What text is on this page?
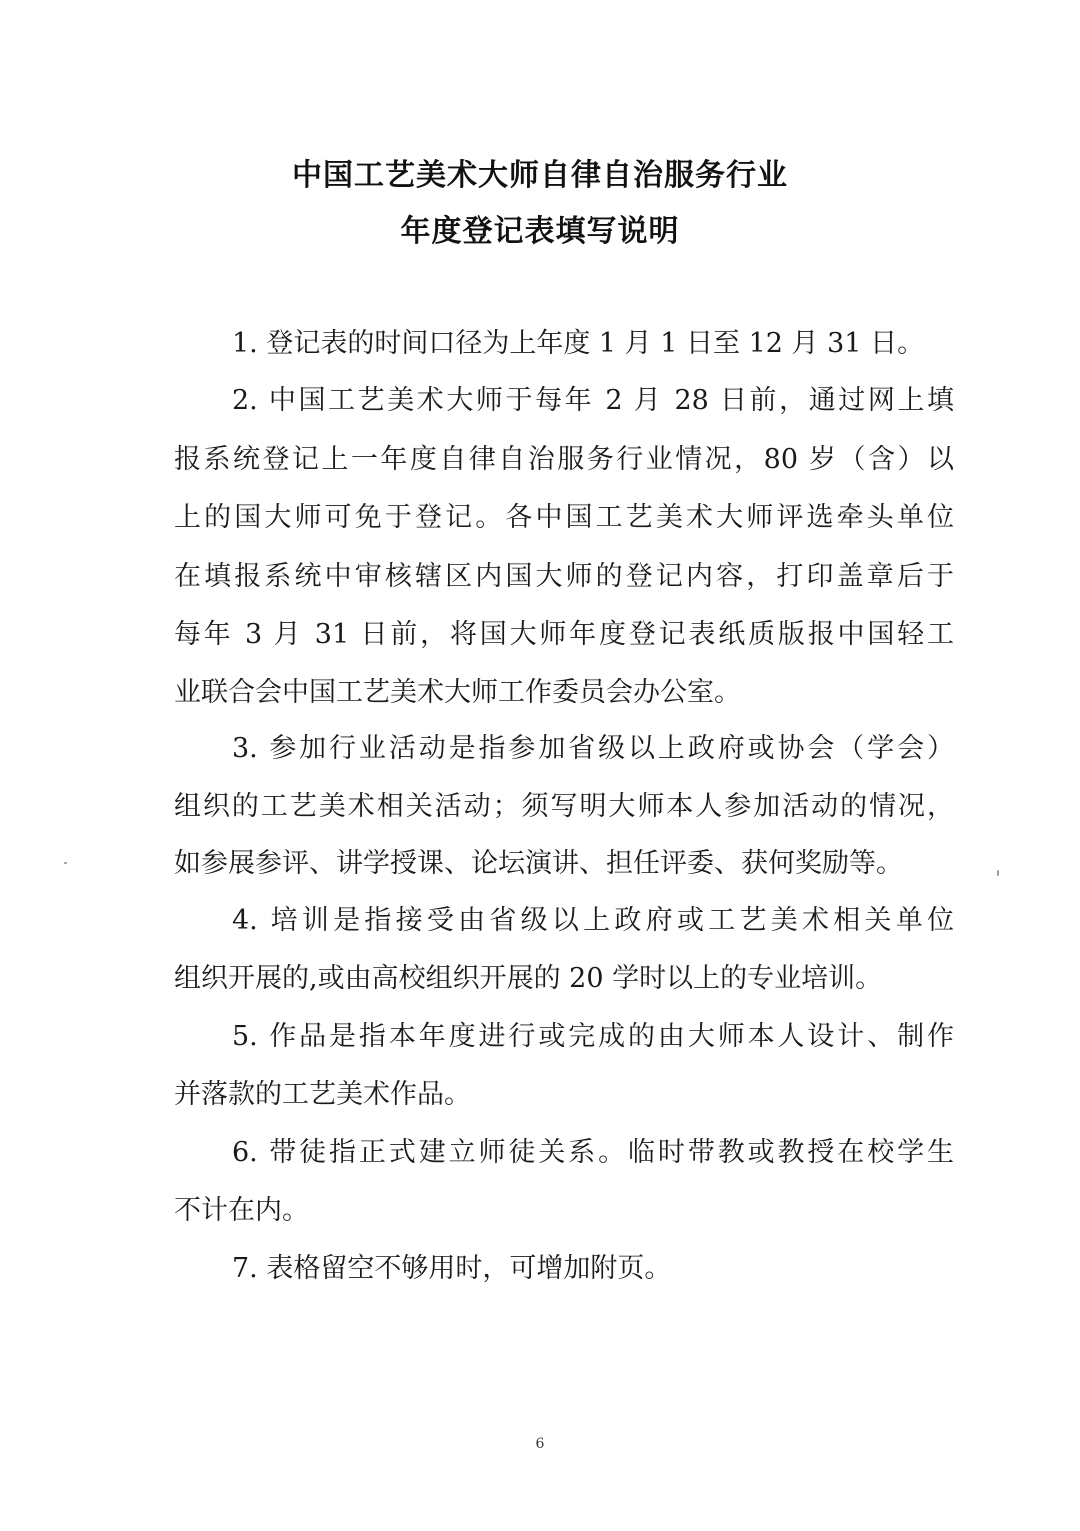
中国工艺美术大师自律自治服务行业
年度登记表填写说明
1. 登记表的时间口径为上年度 1 月 1 日至 12 月 31 日。
2. 中国工艺美术大师于每年 2 月 28 日前，通过网上填
报系统登记上一年度自律自治服务行业情况，80 岁（含）以
上的国大师可免于登记。各中国工艺美术大师评选牵头单位
在填报系统中审核辖区内国大师的登记内容，打印盖章后于
每年 3 月 31 日前，将国大师年度登记表纸质版报中国轻工
业联合会中国工艺美术大师工作委员会办公室。
3. 参加行业活动是指参加省级以上政府或协会（学会）
组织的工艺美术相关活动；须写明大师本人参加活动的情况，
如参展参评、讲学授课、论坛演讲、担任评委、获何奖励等。
4. 培训是指接受由省级以上政府或工艺美术相关单位
组织开展的,或由高校组织开展的 20 学时以上的专业培训。
5. 作品是指本年度进行或完成的由大师本人设计、制作
并落款的工艺美术作品。
6. 带徒指正式建立师徒关系。临时带教或教授在校学生
不计在内。
7. 表格留空不够用时，可增加附页。
6
